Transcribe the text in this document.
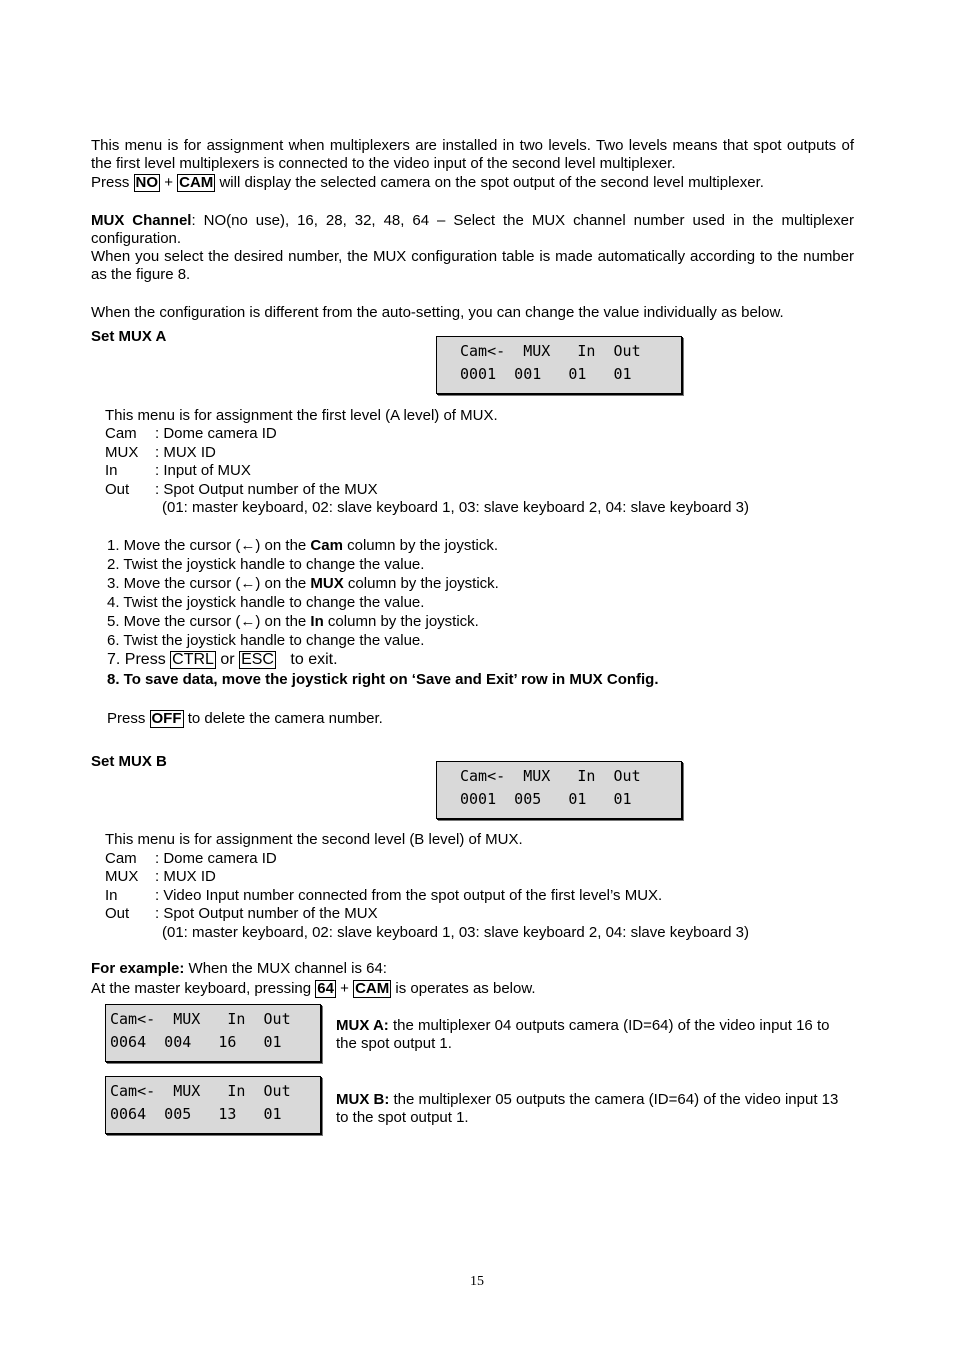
This menu is for assignment when multiplexers are installed in two levels. Two levels means that spot outputs of the first level multiplexers is connected to the video input of the second level multiplexer.
Press NO + CAM will display the selected camera on the spot output of the second level multiplexer.
MUX Channel: NO(no use), 16, 28, 32, 48, 64 – Select the MUX channel number used in the multiplexer configuration.
When you select the desired number, the MUX configuration table is made automatically according to the number as the figure 8.
When the configuration is different from the auto-setting, you can change the value individually as below.
Set MUX A
Cam<-  MUX   In  Out
0001  001   01   01
This menu is for assignment the first level (A level) of MUX.
Cam : Dome camera ID
MUX : MUX ID
In : Input of MUX
Out : Spot Output number of the MUX
(01: master keyboard, 02: slave keyboard 1, 03: slave keyboard 2, 04: slave keyboard 3)
1. Move the cursor (←) on the Cam column by the joystick.
2. Twist the joystick handle to change the value.
3. Move the cursor (←) on the MUX column by the joystick.
4. Twist the joystick handle to change the value.
5. Move the cursor (←) on the In column by the joystick.
6. Twist the joystick handle to change the value.
7. Press CTRL or ESC to exit.
8. To save data, move the joystick right on ‘Save and Exit’ row in MUX Config.
Press OFF to delete the camera number.
Set MUX B
Cam<-  MUX   In  Out
0001  005   01   01
This menu is for assignment the second level (B level) of MUX.
Cam : Dome camera ID
MUX : MUX ID
In : Video Input number connected from the spot output of the first level’s MUX.
Out : Spot Output number of the MUX
(01: master keyboard, 02: slave keyboard 1, 03: slave keyboard 2, 04: slave keyboard 3)
For example: When the MUX channel is 64:
At the master keyboard, pressing 64 + CAM is operates as below.
Cam<-  MUX   In  Out
0064  004   16   01
MUX A: the multiplexer 04 outputs camera (ID=64) of the video input 16 to the spot output 1.
Cam<-  MUX   In  Out
0064  005   13   01
MUX B: the multiplexer 05 outputs the camera (ID=64) of the video input 13 to the spot output 1.
15
